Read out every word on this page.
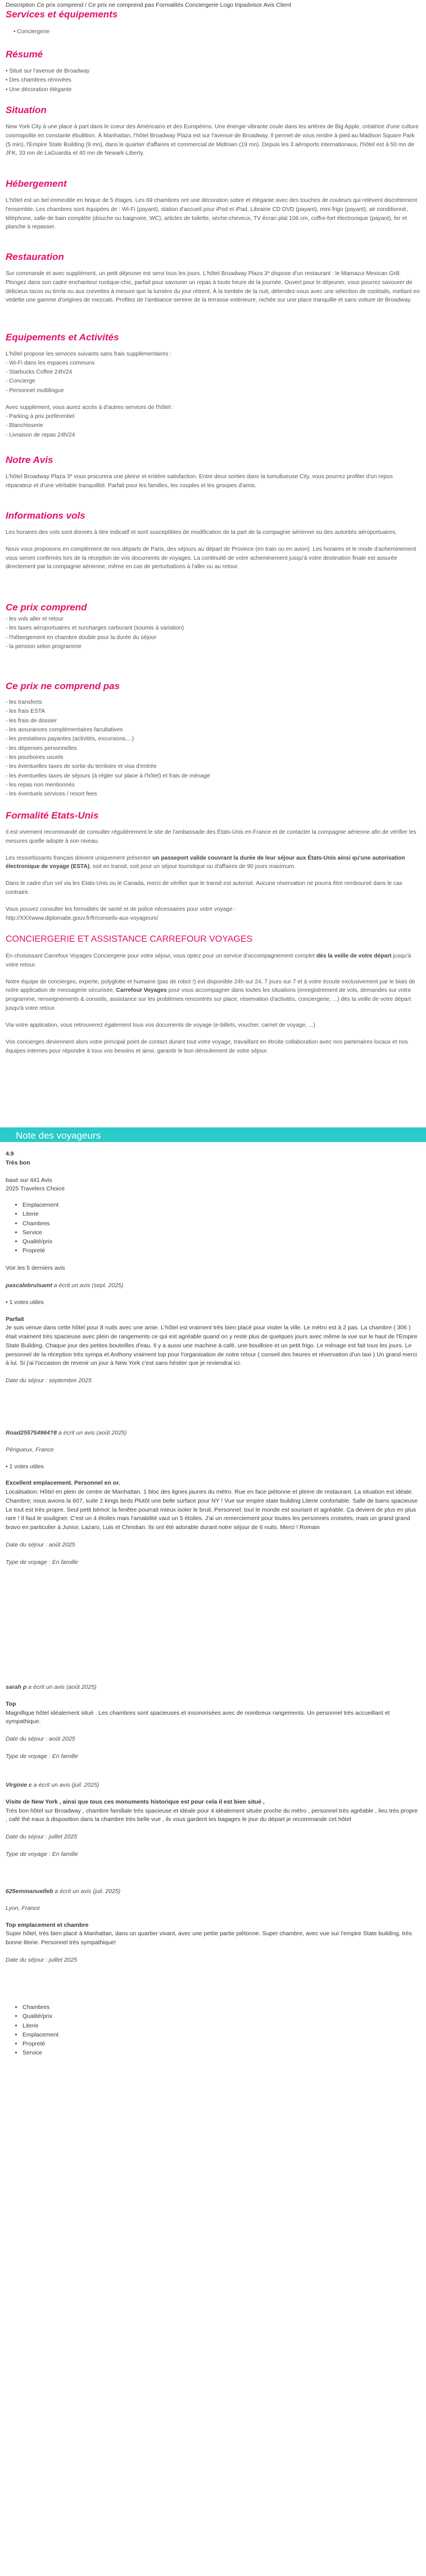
Description Ce prix comprend / Ce prix ne comprend pas Formalités Conciergerie Logo tripadvisor Avis Client
Services et équipements
• Conciergerie
Résumé
• Situé sur l'avenue de Broadway
• Des chambres rénovées
• Une décoration élégante
Situation

New York City à une place à part dans le coeur des Américains et des Européens. Une énergie vibrante coule dans les artères de Big Apple, créatrice d'une culture cosmopolite en constante ébullition. À Manhattan, l'hôtel Broadway Plaza est sur l'avenue de Broadway. Il permet de vous rendre à pied au Madison Square Park (5 min), l'Empire State Building (9 mn), dans le quartier d'affaires et commercial de Midtown (19 mn). Depuis les 3 aéroports internationaux, l'hôtel est à 50 mn de JFK, 33 mn de LaGuardia et 40 mn de Newark-Liberty.

Hébergement

L'hôtel est un bel immeuble en brique de 5 étages. Les 69 chambres ont une décoration sobre et élégante avec des touches de couleurs qui relèvent discrètement l'ensemble. Les chambres sont équipées de : Wi-Fi (payant), station d'accueil pour iPod et iPad, Librairie CD DVD (payant), mini frigo (payant), air conditionné, téléphone, salle de bain complète (douche ou baignoire, WC), articles de toilette, sèche-cheveux, TV écran plat 106 cm, coffre-fort électronique (payant), fer et planche à repasser.

Restauration

Sur commande et avec supplément, un petit déjeuner est servi tous les jours. L'hôtel Broadway Plaza 3* dispose d'un restaurant : le Mamazui Mexican Grill. Plongez dans son cadre enchanteur rustique-chic, parfait pour savourer un repas à toute heure de la journée. Ouvert pour le déjeuner, vous pourrez savourer de délicieux tacos ou tirrrla ou aux crevettes à mesure que la lumière du jour rétrent. À la tombée de la nuit, détendez-vous avec une sélection de cocktails, mettant en vedette une gamme d'origines de mezcals. Profitez de l'ambiance sereine de la terrasse extérieure, nichée sur une place tranquille et sans voiture de Broadway.

Equipements et Activités

L'hôtel propose les services suivants sans frais supplémentaires :

- Wi-Fi dans les espaces communs
- Starbucks Coffee 24h/24
- Concierge
- Personnel multilingue

Avec supplément, vous aurez accès à d'autres services de l'hôtel :

- Parking à prix préférentiel
- Blanchisserie
- Livraison de repas 24h/24
Notre Avis

L'hôtel Broadway Plaza 3* vous procurera une pleine et entière satisfaction. Entre deux sorties dans la tumultueuse City, vous pourrez profiter d'un repos réparateur et d'une véritable tranquillité. Parfait pour les familles, les couples et les groupes d'amis.

Informations vols

Les horaires des vols sont donnés à titre indicatif et sont susceptibles de modification de la part de la compagnie aérienne ou des autorités aéroportuaires.

Nous vous proposons en complément de nos départs de Paris, des séjours au départ de Province (en train ou en avion). Les horaires et le mode d'acheminement vous seront confirmés lors de la réception de vos documents de voyages. La continuité de votre acheminement jusqu'à votre destination finale est assurée directement par la compagnie aérienne, même en cas de perturbations à l'aller ou au retour.

Ce prix comprend
- les vols aller et retour
- les taxes aéroportuaires et surcharges carburant (soumis à variation)
- l'hébergement en chambre double pour la durée du séjour
- la pension selon programme
Ce prix ne comprend pas
- les transferts
- les frais ESTA
- les frais de dossier
- les assurances complémentaires facultatives
- les prestations payantes (activités, excursions....)
- les dépenses personnelles
- les pourboires usuels
- les éventuelles taxes de sortie du territoire et visa d'entrée
- les éventuelles taxes de séjours (à régler sur place à l'hôtel) et frais de ménage
- les repas non mentionnés
- les éventuels services / resort fees
Formalité Etats-Unis

Il est vivement recommandé de consulter régulièrement le site de l'ambassade des États-Unis en France et de contacter la compagnie aérienne afin de vérifier les mesures quelle adopte à son niveau.

Les ressortissants français doivent uniquement présenter un passeport valide couvrant la durée de leur séjour aux États-Unis ainsi qu'une autorisation électronique de voyage (ESTA), soit en transit, soit pour un séjour touristique ou d'affaires de 90 jours maximum.

Dans le cadre d'un vol via les Etats-Unis ou le Canada, merci de vérifier que le transit est autorisé. Aucune réservation ne pourra être remboursé dans le cas contraire.

Vous pouvez consulter les formalités de santé et de police nécessaires pour votre voyage :

http://XXXwww.diplomatie.gouv.fr/fr/conseils-aux-voyageurs/
CONCIERGERIE ET ASSISTANCE CARREFOUR VOYAGES

En choisissant Carrefour Voyages Conciergerie pour votre séjour, vous optez pour un service d'accompagnement complet dès la veille de votre départ jusqu'à votre retour.

Notre équipe de concierges, experte, polyglotte et humaine (pas de robot !) est disponible 24h sur 24, 7 jours sur 7 et à votre écoute exclusivement par le biais de notre application de messagerie sécurisée, Carrefour Voyages pour vous accompagner dans toutes les situations (enregistrement de vols, demandes sur votre programme, renseignements & conseils, assistance sur les problèmes rencontrés sur place, réservation d'activités, conciergerie, ...) dès la veille de votre départ jusqu'à votre retour.

Via votre application, vous retrouverez également tous vos documents de voyage (e-billets, voucher, carnet de voyage, ...)

Vos concierges deviennent alors votre principal point de contact durant tout votre voyage, travaillant en étroite collaboration avec nos partenaires locaux et nos équipes internes pour répondre à tous vos besoins et ainsi, garantir le bon déroulement de votre séjour.

Note des voyageurs
4.9
Très bon
basé sur 441 Avis
2025 Travelers Choice
• Emplacement
• Literie
• Chambres
• Service
• Qualité/prix
• Propreté
Voir les 5 derniers avis
pascalebrulsamt a écrit un avis (sept. 2025)
• 1 votes utiles
Parfait
Je suis venue dans cette hôtel pour 8 nuits avec une amie. L'hôtel est vraiment très bien placé pour visiter la ville. Le métro est à 2 pas. La chambre ( 306 ) était vraiment très spacieuse avec plein de rangements ce qui est agréable quand on y reste plus de quelques jours avec même la vue sur le haut de l'Empire State Building. Chaque jour des petites bouteilles d'eau. Il y a aussi une machine à café, une bouilloire et un petit frigo. Le ménage est fait tous les jours. Le personnel de la réception très sympa et Anthony vraiment top pour l'organisation de notre retour ( conseil des heures et réservation d'un taxi ) Un grand merci à lui. Si j'ai l'occasion de revenir un jour à New York c'est sans hésiter que je reviendrai ici.
Date du séjour : septembre 2025
Road255754964?8 a écrit un avis (août 2025)
Périgueux, France
• 1 votes utiles
Excellent emplacement. Personnel en or.
Localisation: Hôtel en plein de centre de Manhattan. 1 bloc des lignes jaunes du métro. Rue en face piétonne et pleine de restaurant. La situation est idéale. Chambre; nous avions la 607, suite 2 kings beds Plutôt une belle surface pour NY ! Vue sur empire state building Literie confortable. Salle de bains spacieuse Le tout est très propre. Seul petit bémol: la fenêtre pourrait mieux isoler le bruit. Personnel: tout le monde est souriant et agréable. Ça devient de plus en plus rare ! Il faut le souligner. C'est un 4 étoiles mais l'amabilité vaut un 5 étoiles. J'ai un remerciement pour toutes les personnes croisées, mais un grand grand bravo en particulier à Junior, Lazaro, Luis et Christian. Ils ont été adorable durant notre séjour de 6 nuits. Merci ! Romain
Date du séjour : août 2025
Type de voyage : En famille
sarah p a écrit un avis (août 2025)
Top
Magnifique hôtel idéalement situé . Les chambres sont spacieuses et insonorisées avec de nombreux rangements. Un personnel très accueillant et sympathique.
Date du séjour : août 2025
Type de voyage : En famille
Virginie c a écrit un avis (juil. 2025)
Visite de New York , ainsi que tous ces monuments historique est pour cela il est bien situé ,
Très bon hôtel sur Broadway , chambre familiale très spacieuse et idéale pour 4 idéalement située proche du métro , personnel très agréable , lieu très propre , café thé eaux à disposition dans la chambre très belle vue , ils vous gardent les bagages le jour du départ je recommande cet hôtel
Date du séjour : juillet 2025
Type de voyage : En famille
625emmanuelleb a écrit un avis (juil. 2025)
Lyon, France
Top emplacement et chambre
Super hôtel, très bien placé à Manhattan, dans un quartier vivant, avec une petite partie piétonne. Super chambre, avec vue sur l'empire State building, très bonne literie. Personnel très sympathique!
Date du séjour : juillet 2025
• Chambres
• Qualité/prix
• Literie
• Emplacement
• Propreté
• Service
